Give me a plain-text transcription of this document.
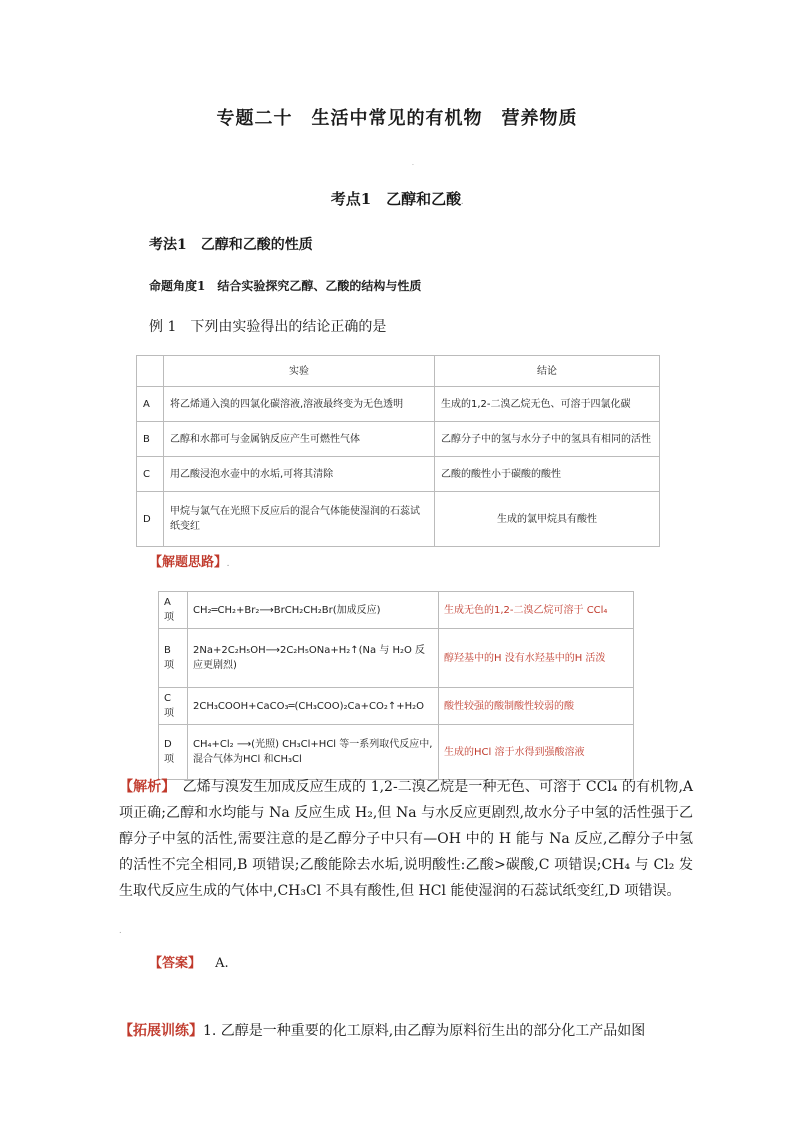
专题二十　生活中常见的有机物　营养物质
.
考点1　乙醇和乙酸.
考法1　乙醇和乙酸的性质
命题角度1　结合实验探究乙醇、乙酸的结构与性质
例 1　下列由实验得出的结论正确的是
	实验	结论
A	将乙烯通入溴的四氯化碳溶液,溶液最终变为无色透明	生成的1,2-二溴乙烷无色、可溶于四氯化碳
B	乙醇和水都可与金属钠反应产生可燃性气体	乙醇分子中的氢与水分子中的氢具有相同的活性
C	用乙酸浸泡水壶中的水垢,可将其清除	乙酸的酸性小于碳酸的酸性
D	甲烷与氯气在光照下反应后的混合气体能使湿润的石蕊试纸变红	生成的氯甲烷具有酸性
【解题思路】.
A 项	CH₂═CH₂+Br₂⟶BrCH₂CH₂Br(加成反应)	生成无色的1,2-二溴乙烷可溶于 CCl₄
B 项	2Na+2C₂H₅OH⟶2C₂H₅ONa+H₂↑(Na 与 H₂O 反应更剧烈)	醇羟基中的H 没有水羟基中的H 活泼
C 项	2CH₃COOH+CaCO₃═(CH₃COO)₂Ca+CO₂↑+H₂O	酸性较强的酸制酸性较弱的酸
D 项	CH₄+Cl₂ ⟶(光照) CH₃Cl+HCl 等一系列取代反应中,混合气体为HCl 和CH₃Cl	生成的HCl 溶于水得到强酸溶液
【解析】　乙烯与溴发生加成反应生成的 1,2-二溴乙烷是一种无色、可溶于 CCl₄ 的有机物,A 项正确;乙醇和水均能与 Na 反应生成 H₂,但 Na 与水反应更剧烈,故水分子中氢的活性强于乙醇分子中氢的活性,需要注意的是乙醇分子中只有—OH 中的 H 能与 Na 反应,乙醇分子中氢的活性不完全相同,B 项错误;乙酸能除去水垢,说明酸性:乙酸>碳酸,C 项错误;CH₄ 与 Cl₂ 发生取代反应生成的气体中,CH₃Cl 不具有酸性,但 HCl 能使湿润的石蕊试纸变红,D 项错误。
.
【答案】 A.
【拓展训练】1. 乙醇是一种重要的化工原料,由乙醇为原料衍生出的部分化工产品如图
